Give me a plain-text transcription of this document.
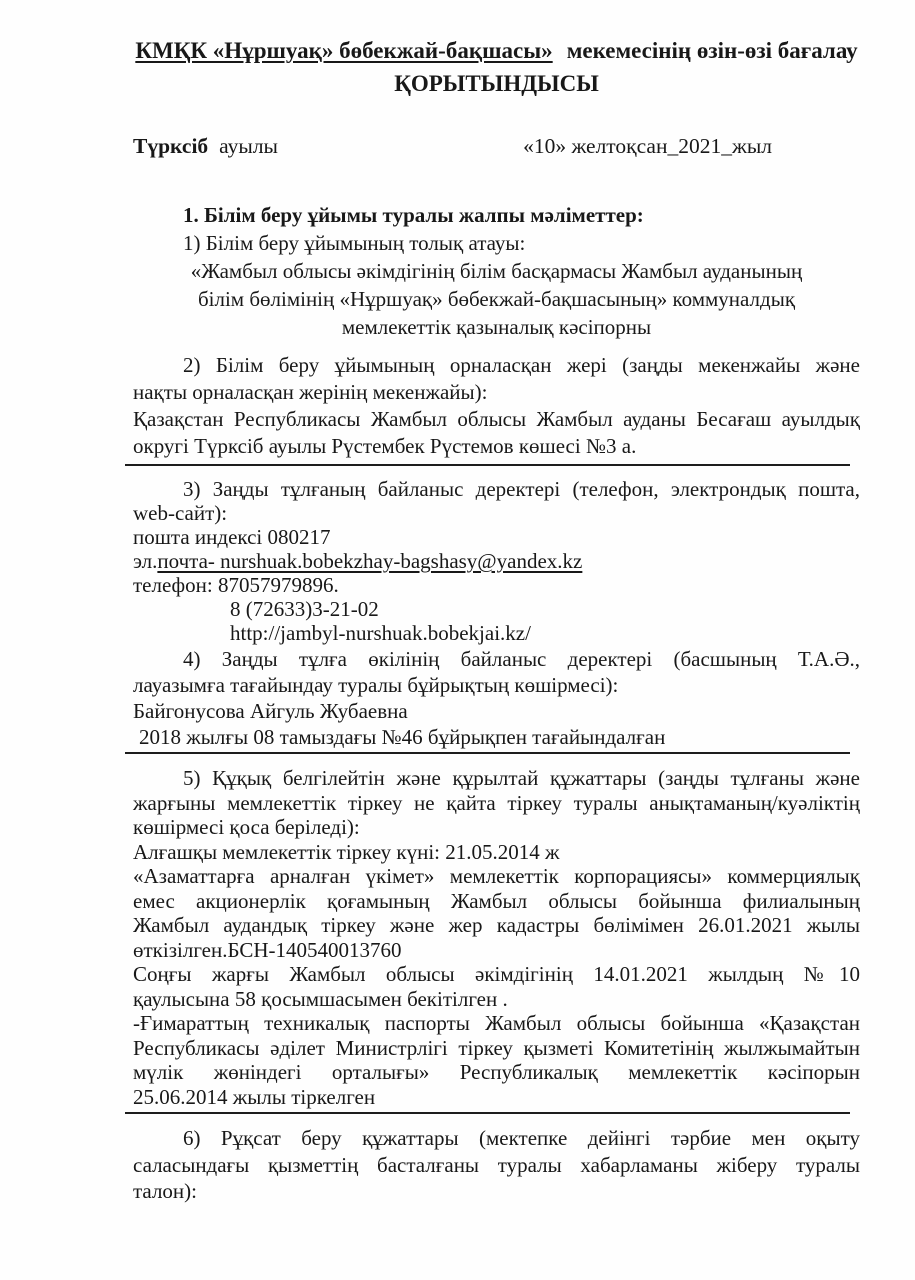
КМҚК «Нұршуақ» бөбекжай-бақшасы» мекемесінің өзін-өзі бағалау
ҚОРЫТЫНДЫСЫ
Түрксіб ауылы	«10» желтоқсан_2021_жыл
1. Білім беру ұйымы туралы жалпы мәліметтер:
1) Білім беру ұйымының толық атауы:
«Жамбыл облысы әкімдігінің білім басқармасы Жамбыл ауданының
білім бөлімінің «Нұршуақ» бөбекжай-бақшасының» коммуналдық
мемлекеттік қазыналық кәсіпорны
2) Білім беру ұйымының орналасқан жері (заңды мекенжайы және
нақты орналасқан жерінің мекенжайы):
Қазақстан Республикасы Жамбыл облысы Жамбыл ауданы Бесағаш ауылдық
округі Түрксіб ауылы Рүстембек Рүстемов көшесі №3 а.
3) Заңды тұлғаның байланыс деректері (телефон, электрондық пошта,
web-сайт):
пошта индексі 080217
эл.почта- nurshuak.bobekzhay-bagshasy@yandex.kz
телефон: 87057979896.
8 (72633)3-21-02
http://jambyl-nurshuak.bobekjai.kz/
4) Заңды тұлға өкілінің байланыс деректері (басшының Т.А.Ә.,
лауазымға тағайындау туралы бұйрықтың көшірмесі):
Байгонусова Айгуль Жубаевна
2018 жылғы 08 тамыздағы №46 бұйрықпен тағайындалған
5) Құқық белгілейтін және құрылтай құжаттары (заңды тұлғаны және
жарғыны мемлекеттік тіркеу не қайта тіркеу туралы анықтаманың/куәліктің
көшірмесі қоса беріледі):
Алғашқы мемлекеттік тіркеу күні: 21.05.2014 ж
«Азаматтарға арналған үкімет» мемлекеттік корпорациясы» коммерциялық
емес акционерлік қоғамының Жамбыл облысы бойынша филиалының
Жамбыл аудандық тіркеу және жер кадастры бөлімімен 26.01.2021 жылы
өткізілген.БСН-140540013760
Соңғы жарғы Жамбыл облысы әкімдігінің 14.01.2021 жылдың №10
қаулысына 58 қосымшасымен бекітілген .
-Ғимараттың техникалық паспорты Жамбыл облысы бойынша «Қазақстан
Республикасы әділет Министрлігі тіркеу қызметі Комитетінің жылжымайтын
мүлік жөніндегі орталығы» Республикалық мемлекеттік кәсіпорын
25.06.2014 жылы тіркелген
6) Рұқсат беру құжаттары (мектепке дейінгі тәрбие мен оқыту
саласындағы қызметтің басталғаны туралы хабарламаны жіберу туралы
талон):
